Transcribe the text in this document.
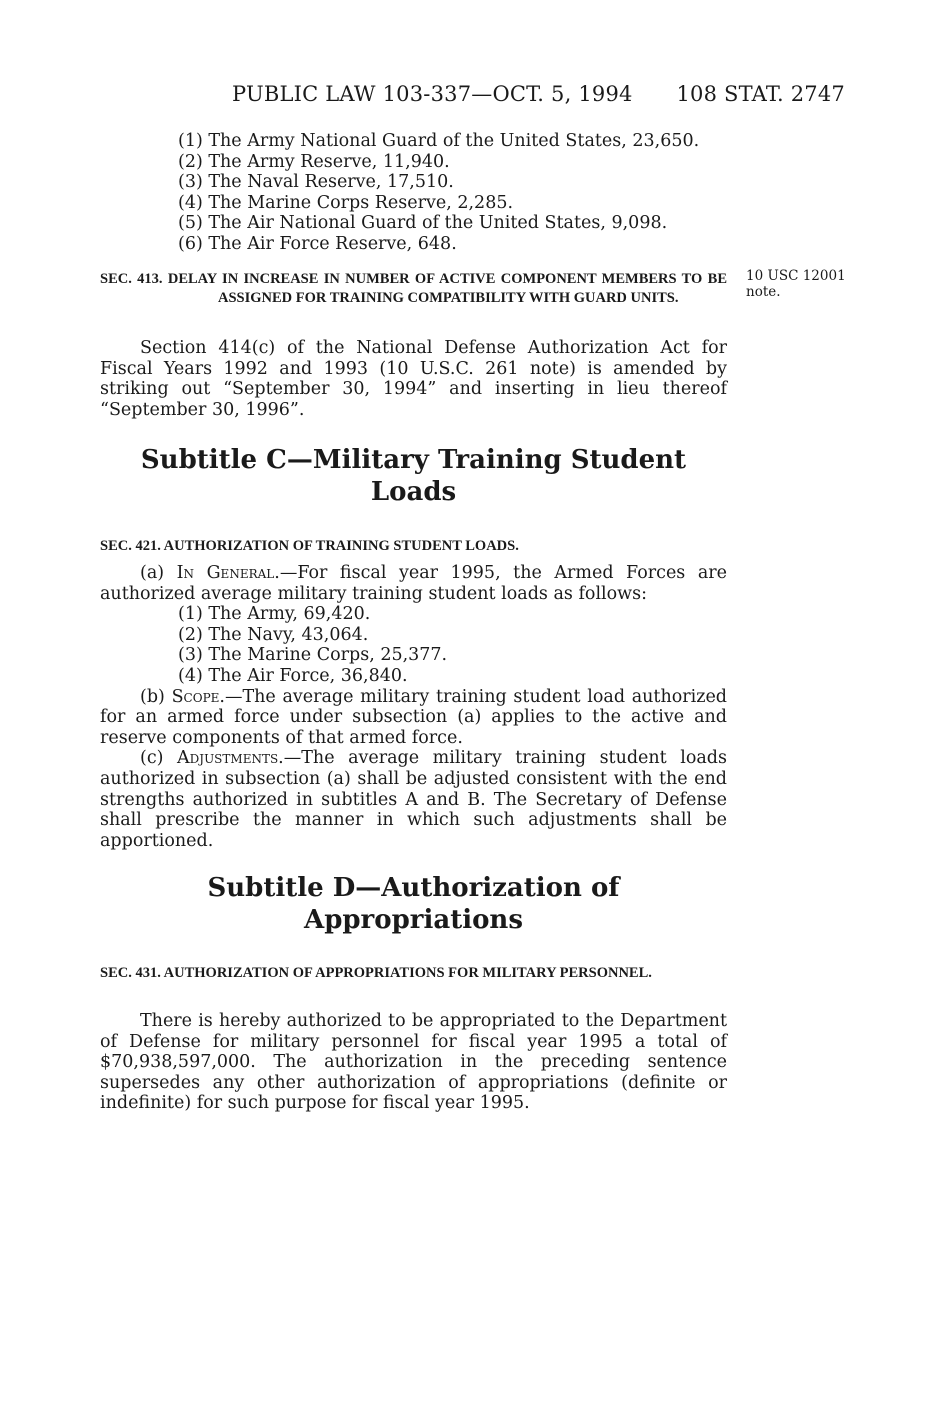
PUBLIC LAW 103-337—OCT. 5, 1994 108 STAT. 2747
(1) The Army National Guard of the United States, 23,650.
(2) The Army Reserve, 11,940.
(3) The Naval Reserve, 17,510.
(4) The Marine Corps Reserve, 2,285.
(5) The Air National Guard of the United States, 9,098.
(6) The Air Force Reserve, 648.
SEC. 413. DELAY IN INCREASE IN NUMBER OF ACTIVE COMPONENT MEMBERS TO BE ASSIGNED FOR TRAINING COMPATIBILITY WITH GUARD UNITS.
10 USC 12001 note.
Section 414(c) of the National Defense Authorization Act for Fiscal Years 1992 and 1993 (10 U.S.C. 261 note) is amended by striking out “September 30, 1994” and inserting in lieu thereof “September 30, 1996”.
Subtitle C—Military Training Student Loads
SEC. 421. AUTHORIZATION OF TRAINING STUDENT LOADS.
(a) In General.—For fiscal year 1995, the Armed Forces are authorized average military training student loads as follows:
(1) The Army, 69,420.
(2) The Navy, 43,064.
(3) The Marine Corps, 25,377.
(4) The Air Force, 36,840.
(b) Scope.—The average military training student load authorized for an armed force under subsection (a) applies to the active and reserve components of that armed force.
(c) Adjustments.—The average military training student loads authorized in subsection (a) shall be adjusted consistent with the end strengths authorized in subtitles A and B. The Secretary of Defense shall prescribe the manner in which such adjustments shall be apportioned.
Subtitle D—Authorization of Appropriations
SEC. 431. AUTHORIZATION OF APPROPRIATIONS FOR MILITARY PERSONNEL.
There is hereby authorized to be appropriated to the Department of Defense for military personnel for fiscal year 1995 a total of $70,938,597,000. The authorization in the preceding sentence supersedes any other authorization of appropriations (definite or indefinite) for such purpose for fiscal year 1995.
